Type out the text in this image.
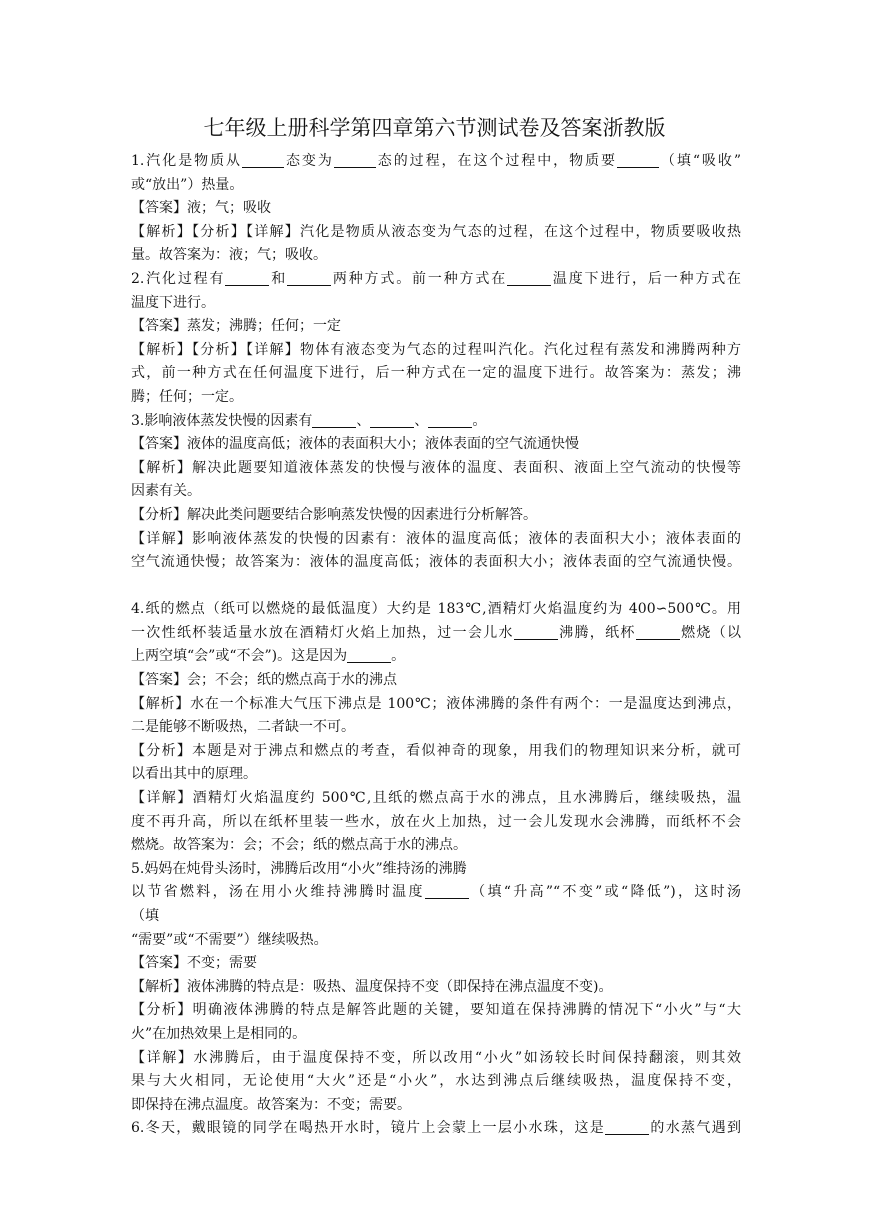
七年级上册科学第四章第六节测试卷及答案浙教版
1.汽化是物质从	态变为	态的过程，在这个过程中，物质要	（填“吸收”
或“放出”）热量。
【答案】液；气；吸收
【解析】【分析】【详解】汽化是物质从液态变为气态的过程，在这个过程中，物质要吸收热
量。故答案为：液；气；吸收。
2.汽化过程有	和	两种方式。前一种方式在	温度下进行，后一种方式在
温度下进行。
【答案】蒸发；沸腾；任何；一定
【解析】【分析】【详解】物体有液态变为气态的过程叫汽化。汽化过程有蒸发和沸腾两种方
式，前一种方式在任何温度下进行，后一种方式在一定的温度下进行。故答案为：蒸发；沸
腾；任何；一定。
3.影响液体蒸发快慢的因素有	、	、	。
【答案】液体的温度高低；液体的表面积大小；液体表面的空气流通快慢
【解析】解决此题要知道液体蒸发的快慢与液体的温度、表面积、液面上空气流动的快慢等
因素有关。
【分析】解决此类问题要结合影响蒸发快慢的因素进行分析解答。
【详解】影响液体蒸发的快慢的因素有：液体的温度高低；液体的表面积大小；液体表面的
空气流通快慢；故答案为：液体的温度高低；液体的表面积大小；液体表面的空气流通快慢。
4.纸的燃点（纸可以燃烧的最低温度）大约是 183℃,酒精灯火焰温度约为 400∽500℃。用
一次性纸杯装适量水放在酒精灯火焰上加热，过一会儿水	沸腾，纸杯	燃烧（以
上两空填“会”或“不会”)。这是因为	。
【答案】会；不会；纸的燃点高于水的沸点
【解析】水在一个标准大气压下沸点是 100℃；液体沸腾的条件有两个：一是温度达到沸点，
二是能够不断吸热，二者缺一不可。
【分析】本题是对于沸点和燃点的考查，看似神奇的现象，用我们的物理知识来分析，就可
以看出其中的原理。
【详解】酒精灯火焰温度约 500℃,且纸的燃点高于水的沸点，且水沸腾后，继续吸热，温
度不再升高，所以在纸杯里装一些水，放在火上加热，过一会儿发现水会沸腾，而纸杯不会
燃烧。故答案为：会；不会；纸的燃点高于水的沸点。
5.妈妈在炖骨头汤时，沸腾后改用“小火”维持汤的沸腾
以节省燃料，汤在用小火维持沸腾时温度	（填“升高”“不变”或“降低”)，这时汤
（填
“需要”或“不需要”）继续吸热。
【答案】不变；需要
【解析】液体沸腾的特点是：吸热、温度保持不变（即保持在沸点温度不变)。
【分析】明确液体沸腾的特点是解答此题的关键，要知道在保持沸腾的情况下“小火”与“大
火”在加热效果上是相同的。
【详解】水沸腾后，由于温度保持不变，所以改用“小火”如汤较长时间保持翻滚，则其效
果与大火相同，无论使用“大火”还是“小火”，水达到沸点后继续吸热，温度保持不变，
即保持在沸点温度。故答案为：不变；需要。
6.冬天，戴眼镜的同学在喝热开水时，镜片上会蒙上一层小水珠，这是	的水蒸气遇到
